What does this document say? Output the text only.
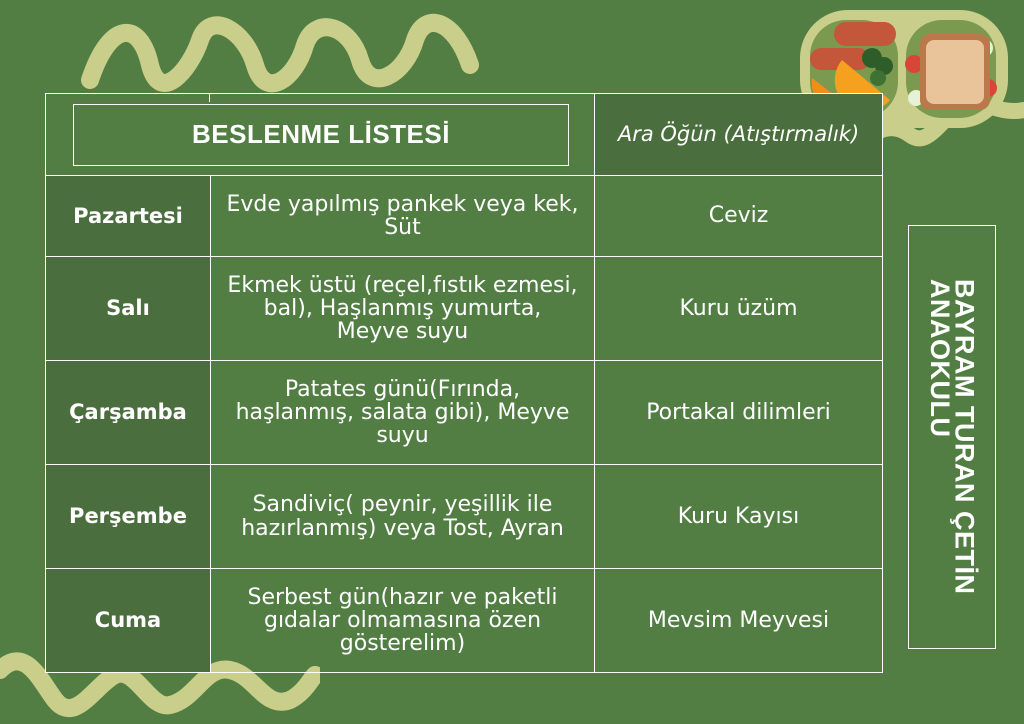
BESLENME LİSTESİ		Ara Öğün (Atıştırmalık)
Pazartesi	Evde yapılmış pankek veya kek, Süt	Ceviz
Salı	Ekmek üstü (reçel,fıstık ezmesi, bal), Haşlanmış yumurta, Meyve suyu	Kuru üzüm
Çarşamba	Patates günü(Fırında, haşlanmış, salata gibi), Meyve suyu	Portakal dilimleri
Perşembe	Sandiviç( peynir, yeşillik ile hazırlanmış) veya Tost, Ayran	Kuru Kayısı
Cuma	Serbest gün(hazır ve paketli gıdalar olmamasına özen gösterelim)	Mevsim Meyvesi
BAYRAM TURAN ÇETİN
ANAOKULU
